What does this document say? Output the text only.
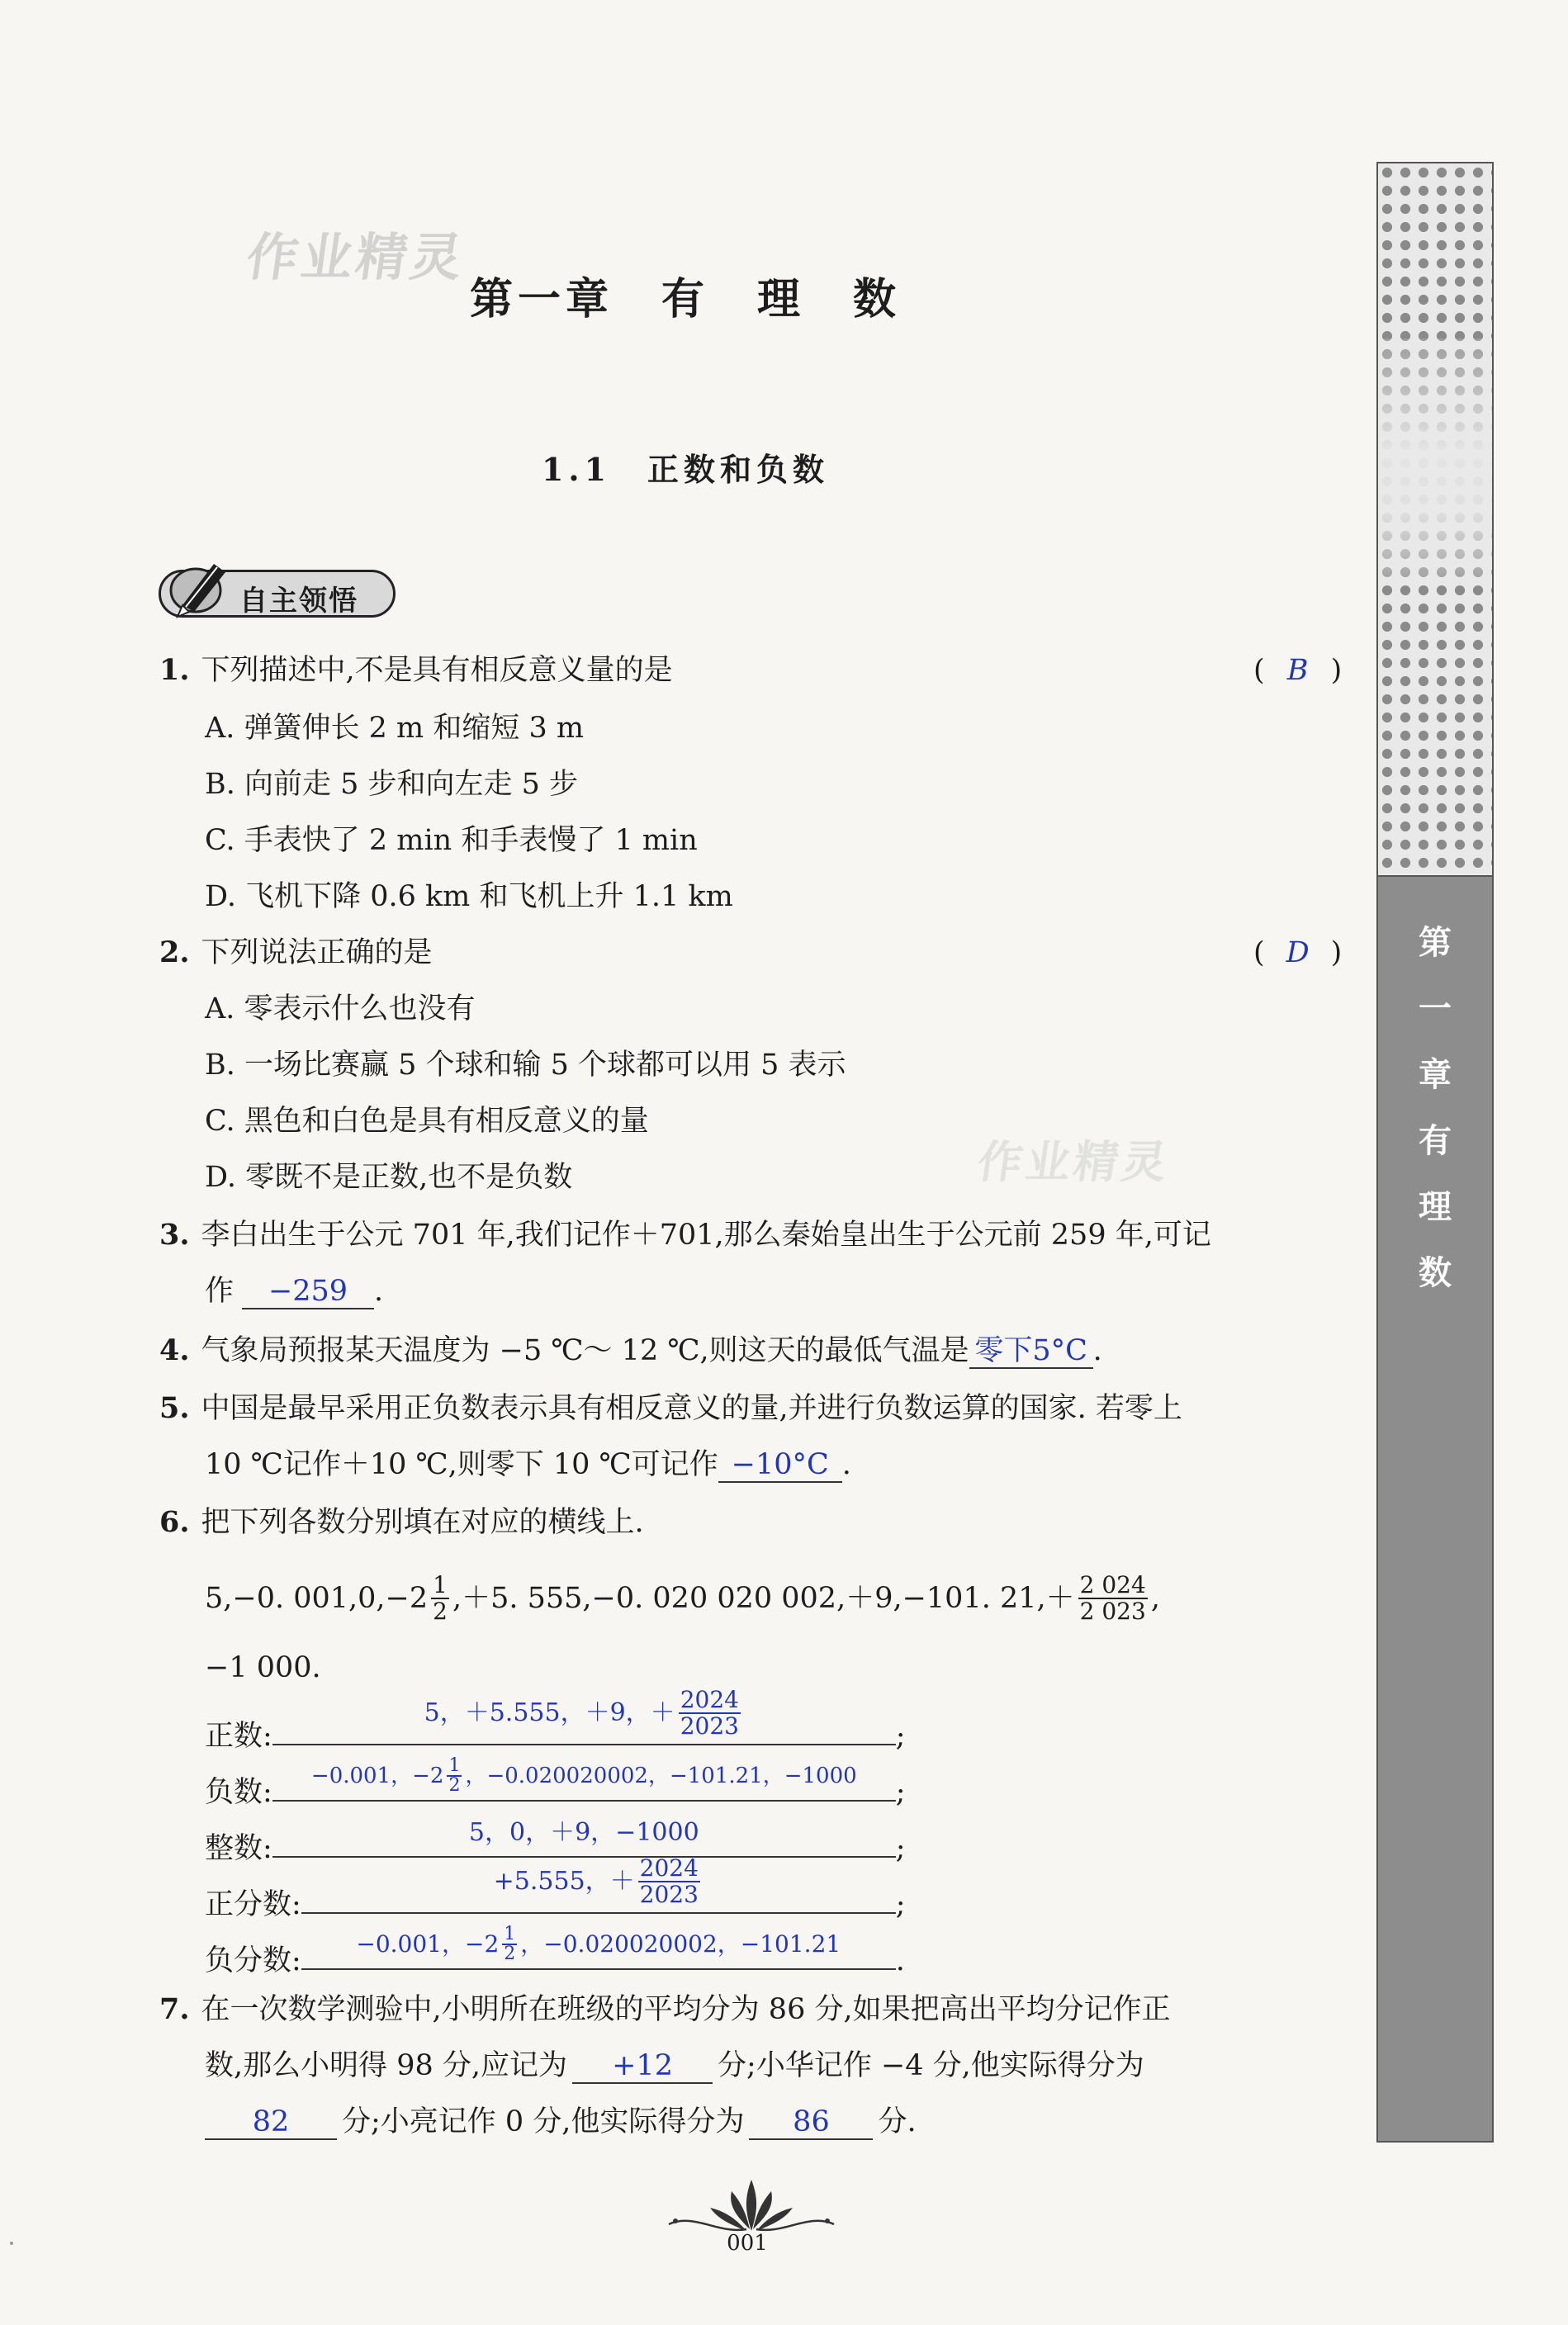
作业精灵
作业精灵
第一章　有　理　数
1.1　正数和负数
自主领悟
第
一
章
有
理
数
1. 下列描述中,不是具有相反意义量的是	( B )
A. 弹簧伸长 2 m 和缩短 3 m
B. 向前走 5 步和向左走 5 步
C. 手表快了 2 min 和手表慢了 1 min
D. 飞机下降 0.6 km 和飞机上升 1.1 km
2. 下列说法正确的是	( D )
A. 零表示什么也没有
B. 一场比赛赢 5 个球和输 5 个球都可以用 5 表示
C. 黑色和白色是具有相反意义的量
D. 零既不是正数,也不是负数
3. 李白出生于公元 701 年,我们记作＋701,那么秦始皇出生于公元前 259 年,可记
作 −259 .
4. 气象局预报某天温度为 −5 ℃～ 12 ℃,则这天的最低气温是 零下5°C .
5. 中国是最早采用正负数表示具有相反意义的量,并进行负数运算的国家. 若零上
10 ℃记作＋10 ℃,则零下 10 ℃可记作 −10°C .
6. 把下列各数分别填在对应的横线上.
5,−0. $001,0,-2 \frac{1}{2} ,+5$. 555,−0. 020 020 002,＋9,−101. $21,+ \frac{2 024}{2 023}$ ,
−1 000.
正数:
5，＋5.555，＋9，＋ $\frac{2024}{2023}$	;
负数: −0.001，$-2 \frac{1}{2}$ ，−0.020020002，−101.21，−1000 ;
整数:	5，0，＋9，−1000	;
正分数:
+5.555，＋ $\frac{2024}{2023}$	;
负分数:
−0.001，$-2 \frac{1}{2}$ ，−0.020020002，−101.21
.
7. 在一次数学测验中,小明所在班级的平均分为 86 分,如果把高出平均分记作正
数,那么小明得 98 分,应记为 +12 分;小华记作 −4 分,他实际得分为
82 分;小亮记作 0 分,他实际得分为 86 分.
001
